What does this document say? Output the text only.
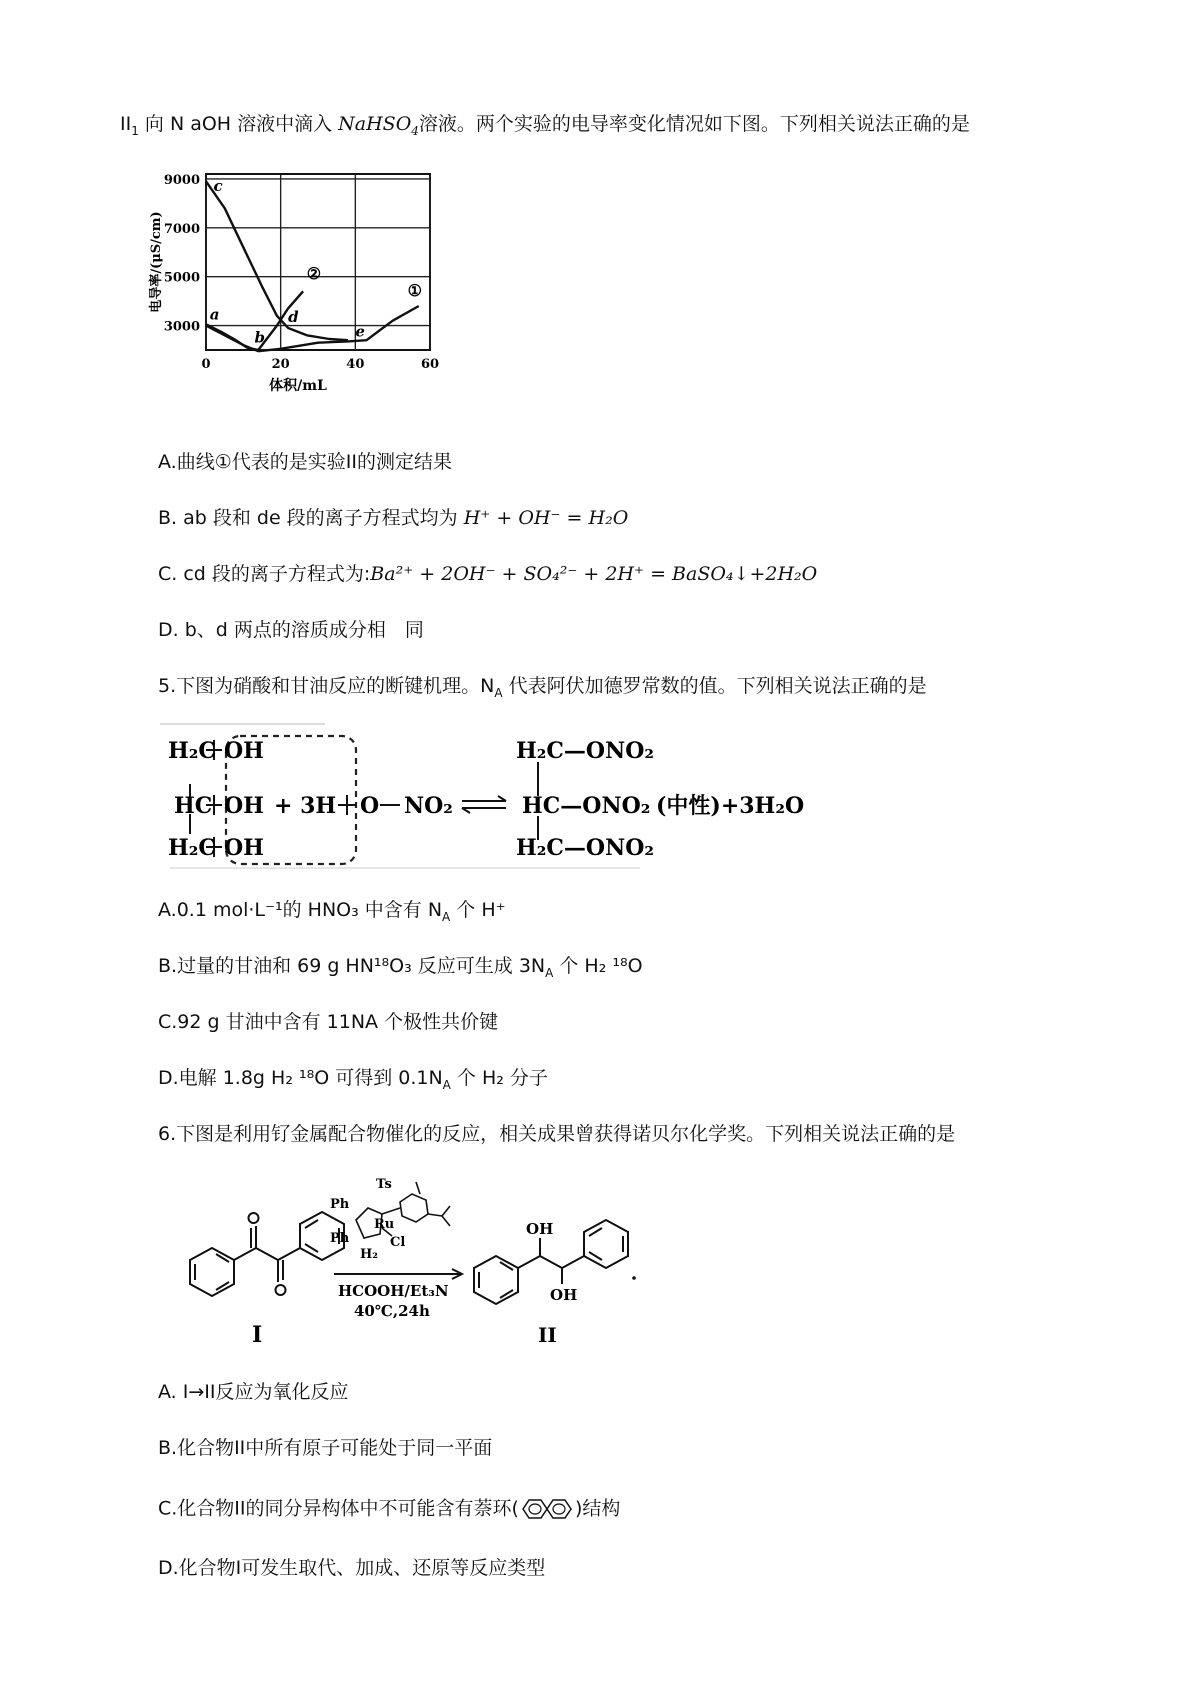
$II_1$ 向 N aOH 溶液中滴入 NaHSO$_4$溶液。两个实验的电导率变化情况如下图。下列相关说法正确的是
9000
7000
5000
3000
0	20	40	60
体积/mL
电导率/(μS/cm)
c
a
b
d
e
②
①
A.曲线①代表的是实验II的测定结果
B. ab 段和 de 段的离子方程式均为 H⁺ + OH⁻ = H₂O
C. cd 段的离子方程式为:Ba²⁺ + 2OH⁻ + SO₄²⁻ + 2H⁺ = BaSO₄↓+2H₂O
D. b、d 两点的溶质成分相　同
5.下图为硝酸和甘油反应的断键机理。$N_A$ 代表阿伏加德罗常数的值。下列相关说法正确的是
H₂C OH
HC OH
H₂C OH
+ 3H O NO₂
H₂C—ONO₂
HC—ONO₂
H₂C—ONO₂
(中性)+3H₂O
A.0.1 mol·L⁻¹的 HNO₃ 中含有 $N_A$ 个 H⁺
B.过量的甘油和 69 g HN¹⁸O₃ 反应可生成 $3N_A$ 个 H₂ ¹⁸O
C.92 g 甘油中含有 11NA 个极性共价键
D.电解 1.8g H₂ ¹⁸O 可得到 $0.1N_A$ 个 H₂ 分子
6.下图是利用钌金属配合物催化的反应，相关成果曾获得诺贝尔化学奖。下列相关说法正确的是
I
Ts
Ph
Ru
Ph	Cl
H₂
HCOOH/Et₃N
40℃,24h
OH
OH
II
A. I→II反应为氧化反应
B.化合物II中所有原子可能处于同一平面
C.化合物II的同分异构体中不可能含有萘环(	)结构
D.化合物I可发生取代、加成、还原等反应类型
